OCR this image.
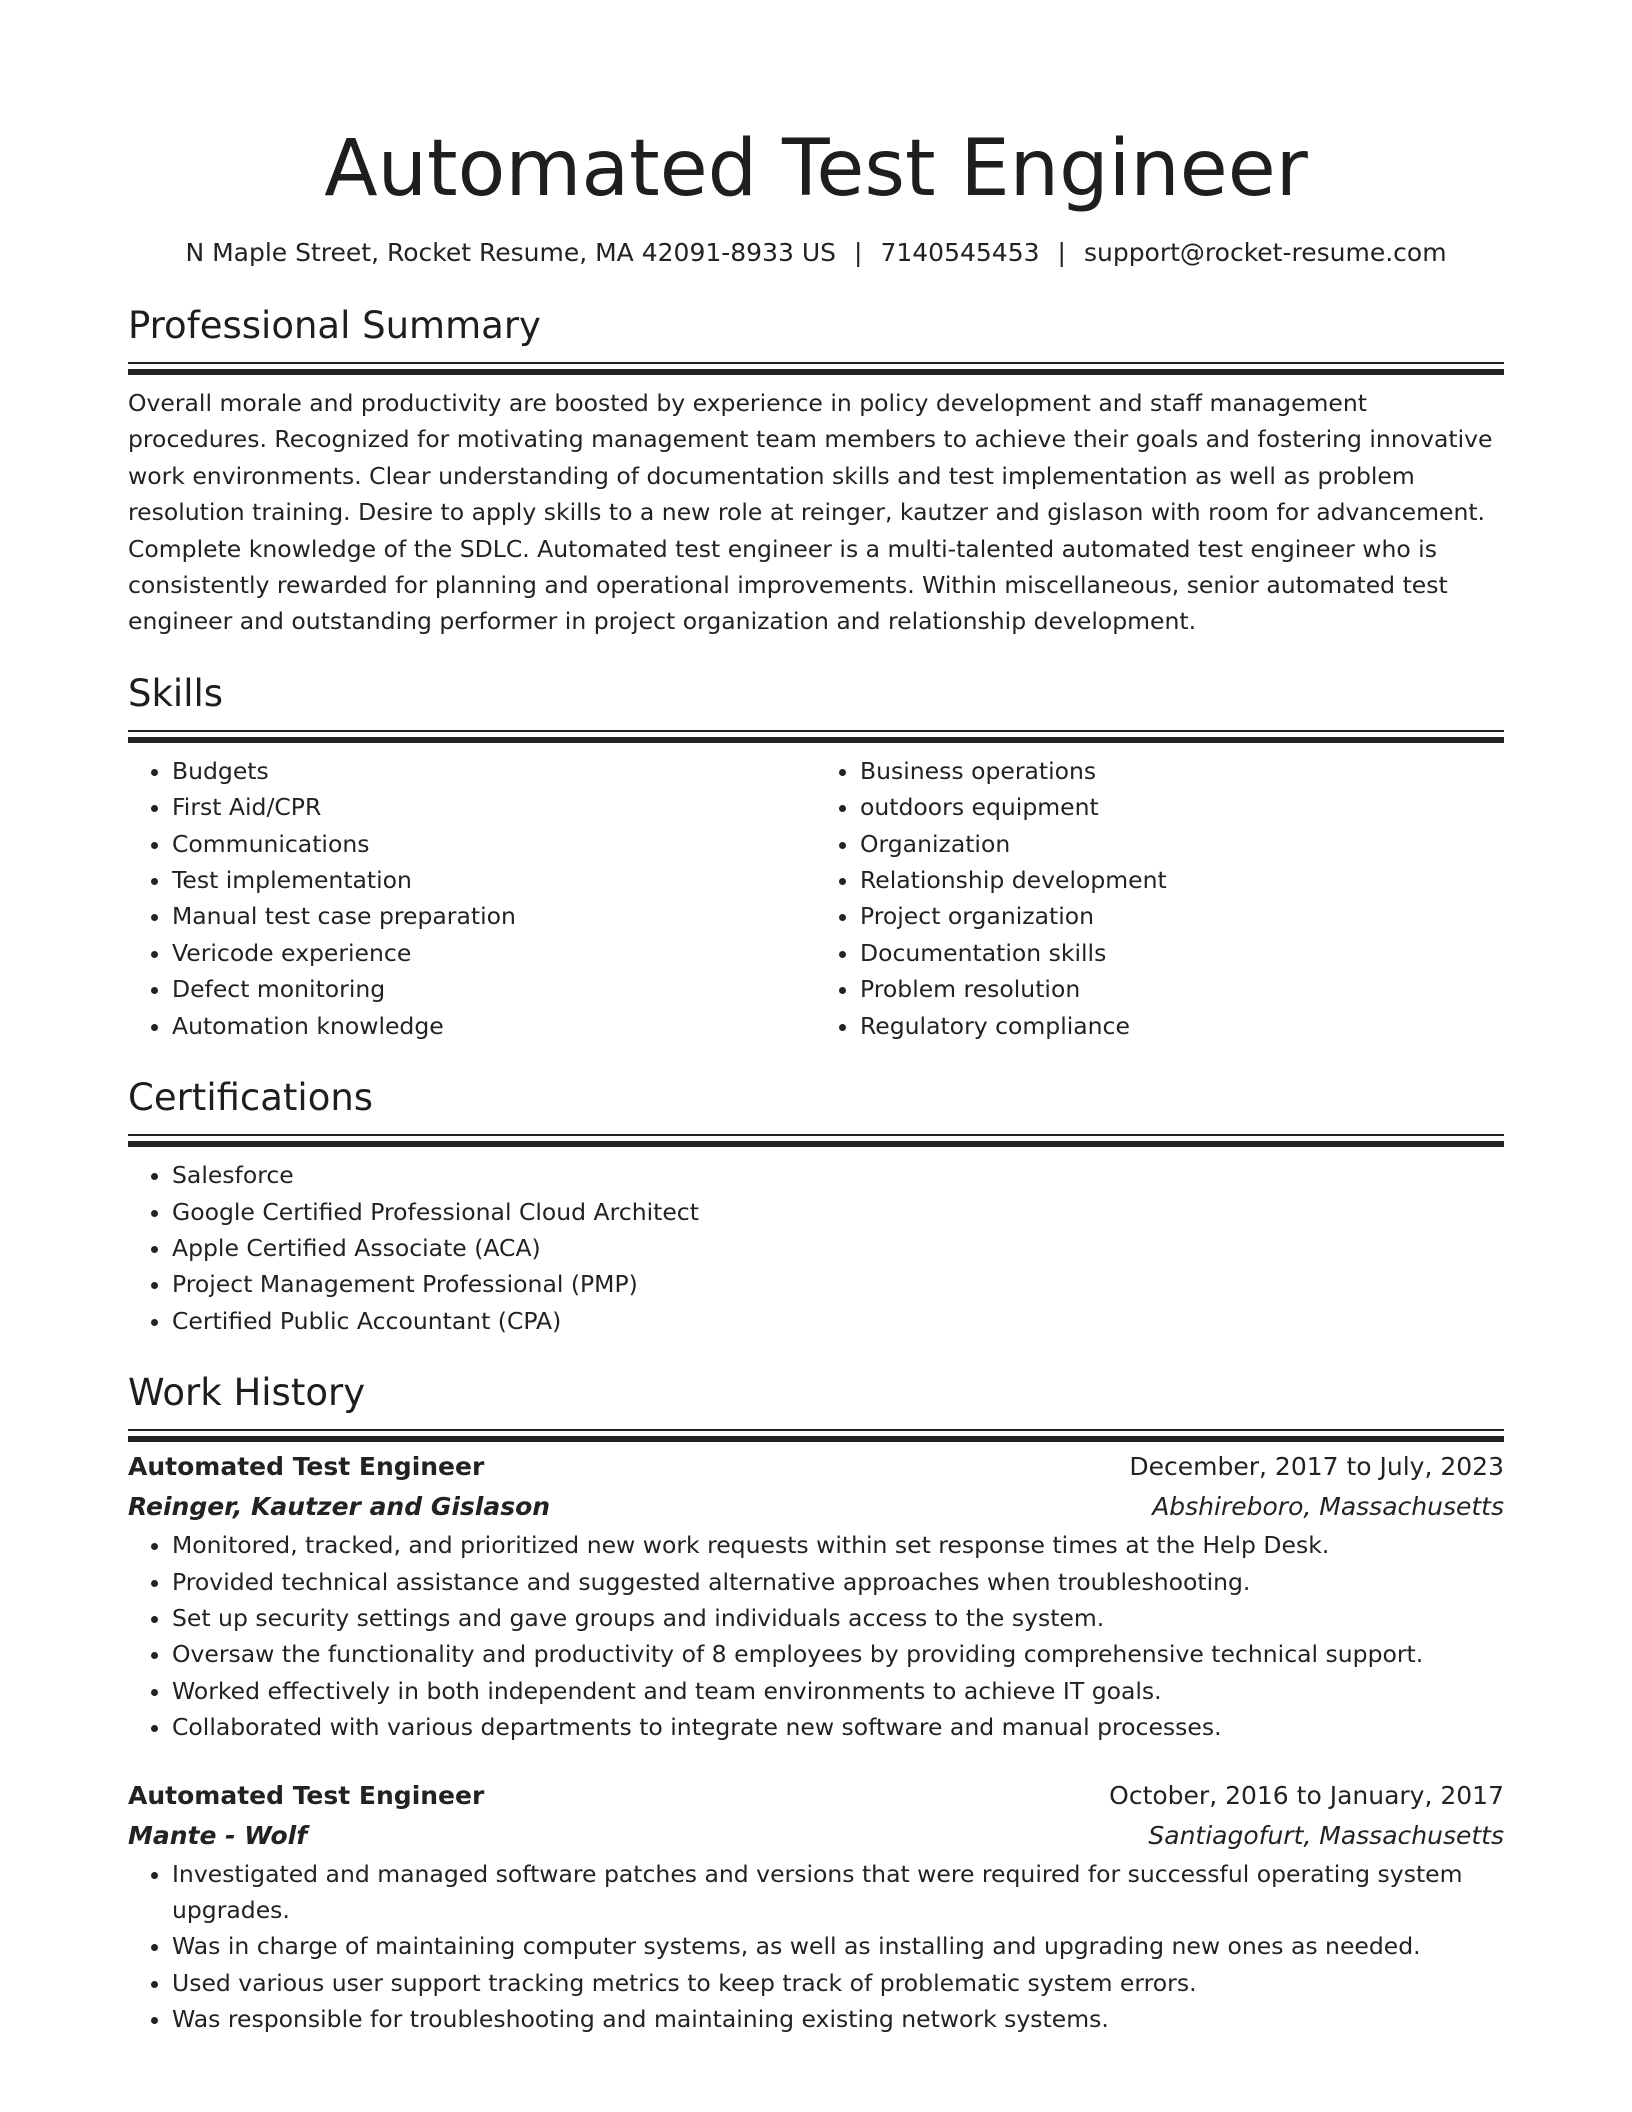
Automated Test Engineer
N Maple Street, Rocket Resume, MA 42091-8933 US | 7140545453 | support@rocket-resume.com
Professional Summary

Overall morale and productivity are boosted by experience in policy development and staff management procedures. Recognized for motivating management team members to achieve their goals and fostering innovative work environments. Clear understanding of documentation skills and test implementation as well as problem resolution training. Desire to apply skills to a new role at reinger, kautzer and gislason with room for advancement. Complete knowledge of the SDLC. Automated test engineer is a multi-talented automated test engineer who is consistently rewarded for planning and operational improvements. Within miscellaneous, senior automated test engineer and outstanding performer in project organization and relationship development.

Skills
• Budgets
• First Aid/CPR
• Communications
• Test implementation
• Manual test case preparation
• Vericode experience
• Defect monitoring
• Automation knowledge
• Business operations
• outdoors equipment
• Organization
• Relationship development
• Project organization
• Documentation skills
• Problem resolution
• Regulatory compliance
Certifications
• Salesforce
• Google Certified Professional Cloud Architect
• Apple Certified Associate (ACA)
• Project Management Professional (PMP)
• Certified Public Accountant (CPA)
Work History
Automated Test Engineer	December, 2017 to July, 2023
Reinger, Kautzer and Gislason	Abshireboro, Massachusetts
• Monitored, tracked, and prioritized new work requests within set response times at the Help Desk.
• Provided technical assistance and suggested alternative approaches when troubleshooting.
• Set up security settings and gave groups and individuals access to the system.
• Oversaw the functionality and productivity of 8 employees by providing comprehensive technical support.
• Worked effectively in both independent and team environments to achieve IT goals.
• Collaborated with various departments to integrate new software and manual processes.
Automated Test Engineer	October, 2016 to January, 2017
Mante - Wolf	Santiagofurt, Massachusetts
• Investigated and managed software patches and versions that were required for successful operating system upgrades.
• Was in charge of maintaining computer systems, as well as installing and upgrading new ones as needed.
• Used various user support tracking metrics to keep track of problematic system errors.
• Was responsible for troubleshooting and maintaining existing network systems.
